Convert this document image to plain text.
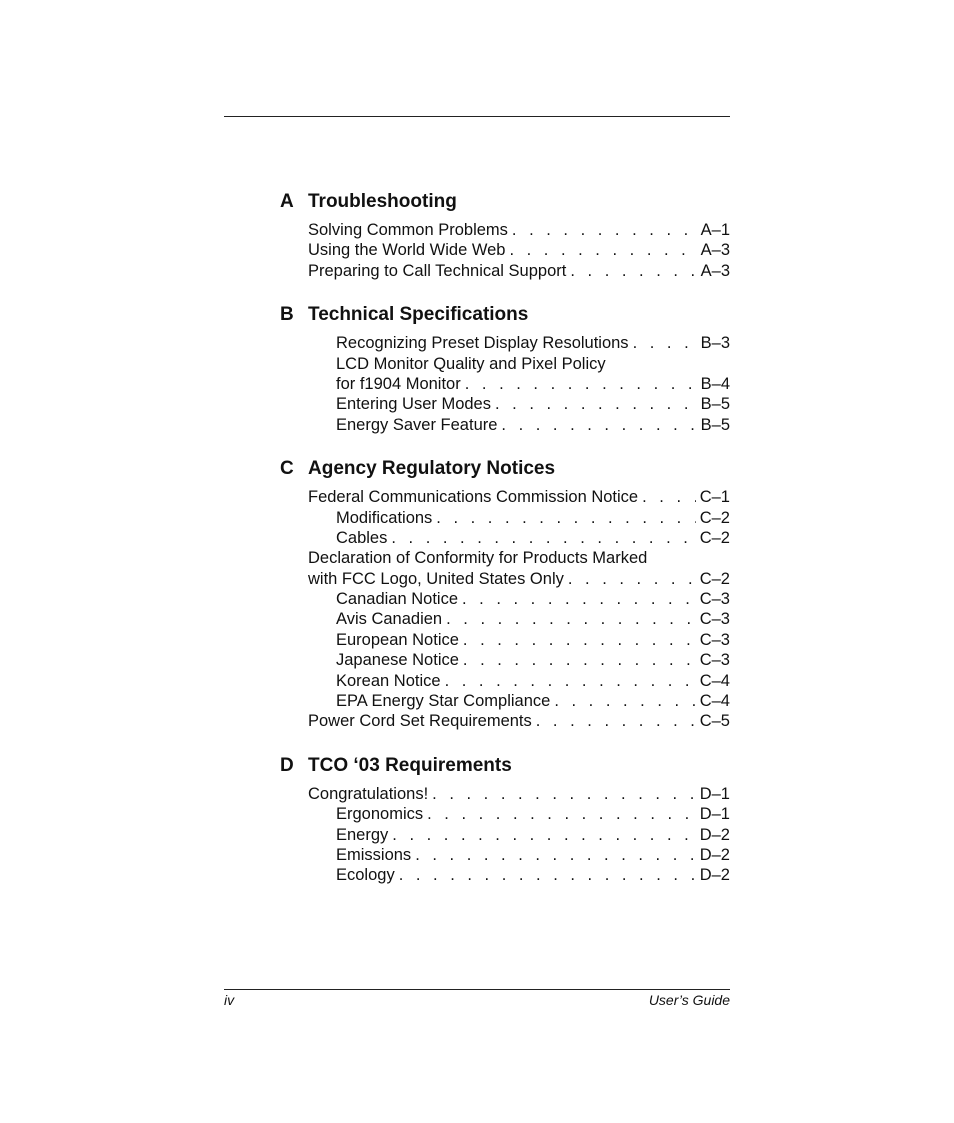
A Troubleshooting
Solving Common Problems . . .	A–1
Using the World Wide Web . . .	A–3
Preparing to Call Technical Support . . .	A–3
B Technical Specifications
Recognizing Preset Display Resolutions . . .	B–3
LCD Monitor Quality and Pixel Policy
for f1904 Monitor . . .	B–4
Entering User Modes . . .	B–5
Energy Saver Feature . . .	B–5
C Agency Regulatory Notices
Federal Communications Commission Notice . . .	C–1
Modifications . . .	C–2
Cables . . .	C–2
Declaration of Conformity for Products Marked
with FCC Logo, United States Only . . .	C–2
Canadian Notice . . .	C–3
Avis Canadien . . .	C–3
European Notice . . .	C–3
Japanese Notice . . .	C–3
Korean Notice . . .	C–4
EPA Energy Star Compliance . . .	C–4
Power Cord Set Requirements . . .	C–5
D TCO ‘03 Requirements
Congratulations! . . .	D–1
Ergonomics . . .	D–1
Energy . . .	D–2
Emissions . . .	D–2
Ecology . . .	D–2
iv	User’s Guide
